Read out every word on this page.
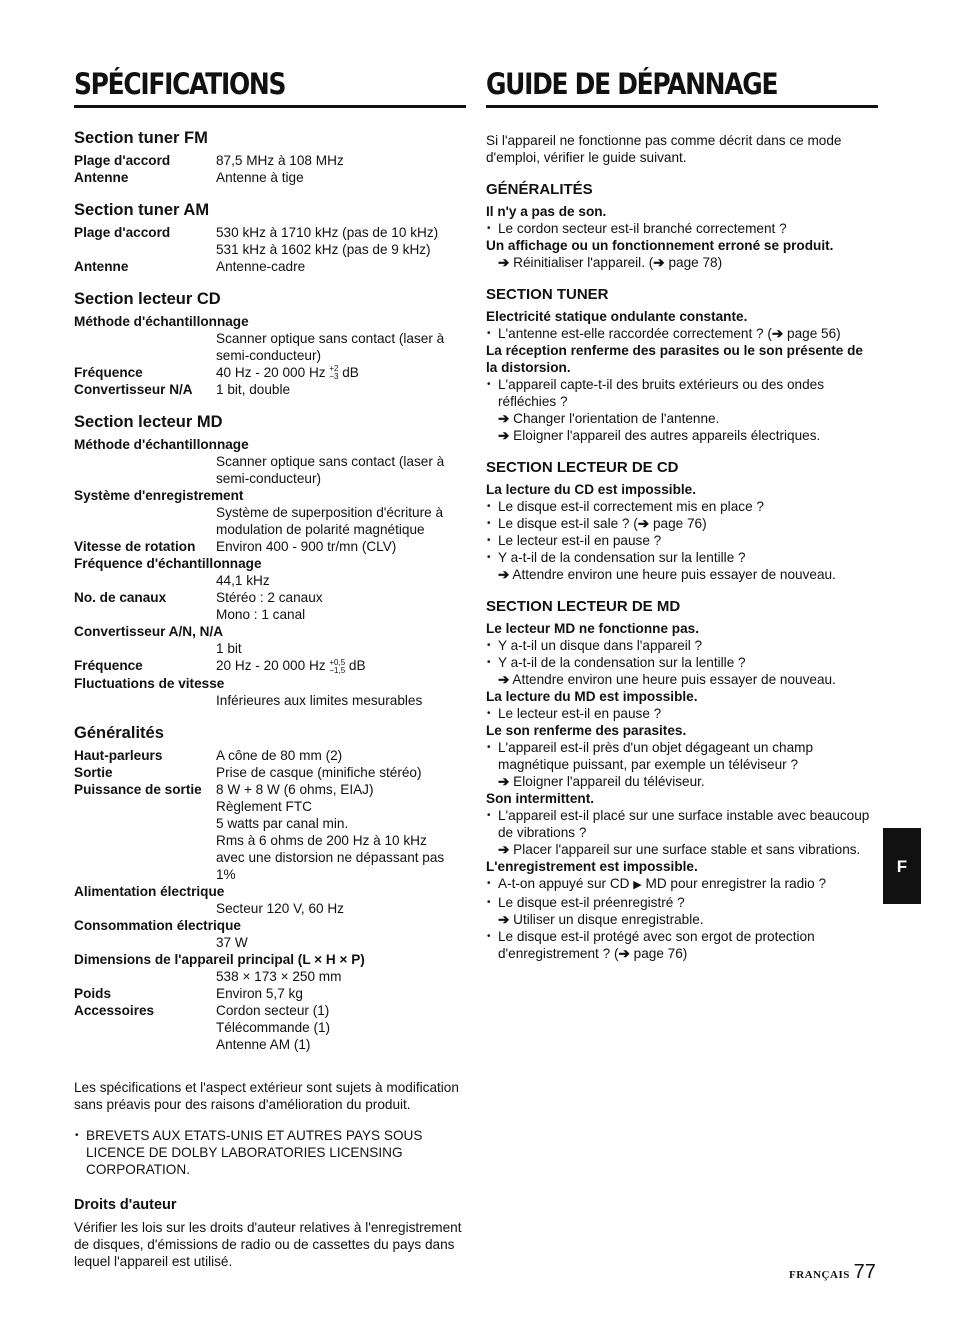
SPÉCIFICATIONS
Section tuner FM
Plage d'accord	87,5 MHz à 108 MHz
Antenne	Antenne à tige
Section tuner AM
Plage d'accord	530 kHz à 1710 kHz (pas de 10 kHz)
531 kHz à 1602 kHz (pas de 9 kHz)
Antenne	Antenne-cadre
Section lecteur CD
Méthode d'échantillonnage
Scanner optique sans contact (laser à
semi-conducteur)
Fréquence	40 Hz - 20 000 Hz +2
−3 dB
Convertisseur N/A	1 bit, double
Section lecteur MD
Méthode d'échantillonnage
Scanner optique sans contact (laser à
semi-conducteur)
Système d'enregistrement
Système de superposition d'écriture à
modulation de polarité magnétique
Vitesse de rotation	Environ 400 - 900 tr/mn (CLV)
Fréquence d'échantillonnage
44,1 kHz
No. de canaux	Stéréo : 2 canaux
Mono : 1 canal
Convertisseur A/N, N/A
1 bit
Fréquence	20 Hz - 20 000 Hz +0,5
−1,5 dB
Fluctuations de vitesse
Inférieures aux limites mesurables
Généralités
Haut-parleurs	A cône de 80 mm (2)
Sortie	Prise de casque (minifiche stéréo)
Puissance de sortie	8 W + 8 W (6 ohms, EIAJ)
Règlement FTC
5 watts par canal min.
Rms à 6 ohms de 200 Hz à 10 kHz
avec une distorsion ne dépassant pas
1%
Alimentation électrique
Secteur 120 V, 60 Hz
Consommation électrique
37 W
Dimensions de l'appareil principal (L × H × P)
538 × 173 × 250 mm
Poids	Environ 5,7 kg
Accessoires	Cordon secteur (1)
Télécommande (1)
Antenne AM (1)
Les spécifications et l'aspect extérieur sont sujets à modification sans préavis pour des raisons d'amélioration du produit.
• BREVETS AUX ETATS-UNIS ET AUTRES PAYS SOUS LICENCE DE DOLBY LABORATORIES LICENSING CORPORATION.
Droits d'auteur
Vérifier les lois sur les droits d'auteur relatives à l'enregistrement de disques, d'émissions de radio ou de cassettes du pays dans lequel l'appareil est utilisé.
GUIDE DE DÉPANNAGE
Si l'appareil ne fonctionne pas comme décrit dans ce mode d'emploi, vérifier le guide suivant.
GÉNÉRALITÉS
Il n'y a pas de son.
• Le cordon secteur est-il branché correctement ?
Un affichage ou un fonctionnement erroné se produit.
➔ Réinitialiser l'appareil. (➔ page 78)
SECTION TUNER
Electricité statique ondulante constante.
• L'antenne est-elle raccordée correctement ? (➔ page 56)
La réception renferme des parasites ou le son présente de la distorsion.
• L'appareil capte-t-il des bruits extérieurs ou des ondes réfléchies ?
➔ Changer l'orientation de l'antenne.
➔ Eloigner l'appareil des autres appareils électriques.
SECTION LECTEUR DE CD
La lecture du CD est impossible.
• Le disque est-il correctement mis en place ?
• Le disque est-il sale ? (➔ page 76)
• Le lecteur est-il en pause ?
• Y a-t-il de la condensation sur la lentille ?
➔ Attendre environ une heure puis essayer de nouveau.
SECTION LECTEUR DE MD
Le lecteur MD ne fonctionne pas.
• Y a-t-il un disque dans l'appareil ?
• Y a-t-il de la condensation sur la lentille ?
➔ Attendre environ une heure puis essayer de nouveau.
La lecture du MD est impossible.
• Le lecteur est-il en pause ?
Le son renferme des parasites.
• L'appareil est-il près d'un objet dégageant un champ magnétique puissant, par exemple un téléviseur ?
➔ Eloigner l'appareil du téléviseur.
Son intermittent.
• L'appareil est-il placé sur une surface instable avec beaucoup de vibrations ?
➔ Placer l'appareil sur une surface stable et sans vibrations.
L'enregistrement est impossible.
• A-t-on appuyé sur CD ▶ MD pour enregistrer la radio ?
• Le disque est-il préenregistré ?
➔ Utiliser un disque enregistrable.
• Le disque est-il protégé avec son ergot de protection d'enregistrement ? (➔ page 76)
F
FRANÇAIS 77
